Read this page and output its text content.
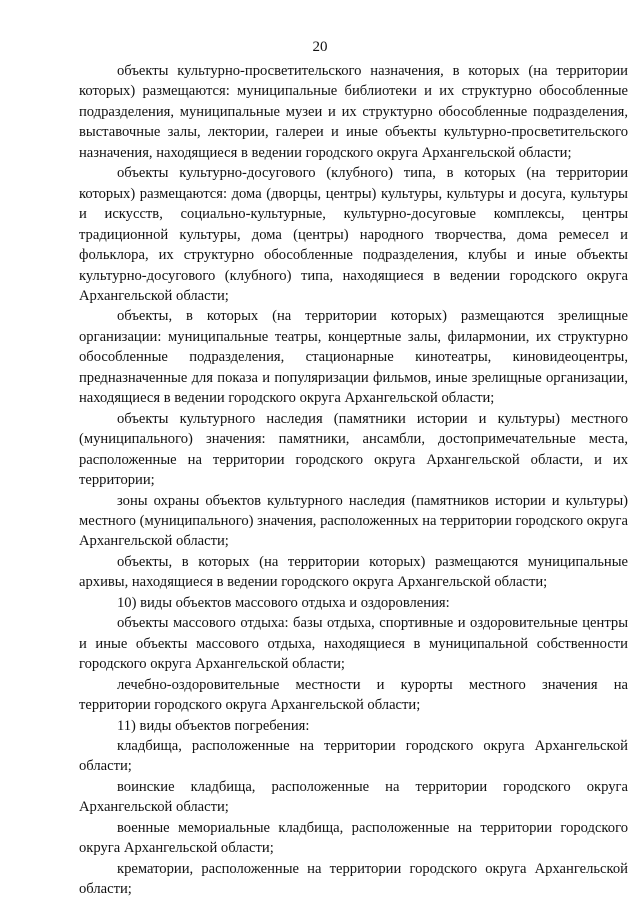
20

объекты культурно-просветительского назначения, в которых (на территории которых) размещаются: муниципальные библиотеки и их структурно обособленные подразделения, муниципальные музеи и их структурно обособленные подразделения, выставочные залы, лектории, галереи и иные объекты культурно-просветительского назначения, находящиеся в ведении городского округа Архангельской области;

объекты культурно-досугового (клубного) типа, в которых (на территории которых) размещаются: дома (дворцы, центры) культуры, культуры и досуга, культуры и искусств, социально-культурные, культурно-досуговые комплексы, центры традиционной культуры, дома (центры) народного творчества, дома ремесел и фольклора, их структурно обособленные подразделения, клубы и иные объекты культурно-досугового (клубного) типа, находящиеся в ведении городского округа Архангельской области;

объекты, в которых (на территории которых) размещаются зрелищные организации: муниципальные театры, концертные залы, филармонии, их структурно обособленные подразделения, стационарные кинотеатры, киновидеоцентры, предназначенные для показа и популяризации фильмов, иные зрелищные организации, находящиеся в ведении городского округа Архангельской области;

объекты культурного наследия (памятники истории и культуры) местного (муниципального) значения: памятники, ансамбли, достопримечательные места, расположенные на территории городского округа Архангельской области, и их территории;

зоны охраны объектов культурного наследия (памятников истории и культуры) местного (муниципального) значения, расположенных на территории городского округа Архангельской области;

объекты, в которых (на территории которых) размещаются муниципальные архивы, находящиеся в ведении городского округа Архангельской области;

10) виды объектов массового отдыха и оздоровления:

объекты массового отдыха: базы отдыха, спортивные и оздоровительные центры и иные объекты массового отдыха, находящиеся в муниципальной собственности городского округа Архангельской области;

лечебно-оздоровительные местности и курорты местного значения на территории городского округа Архангельской области;

11) виды объектов погребения:

кладбища, расположенные на территории городского округа Архангельской области;

воинские кладбища, расположенные на территории городского округа Архангельской области;

военные мемориальные кладбища, расположенные на территории городского округа Архангельской области;

крематории, расположенные на территории городского округа Архангельской области;
